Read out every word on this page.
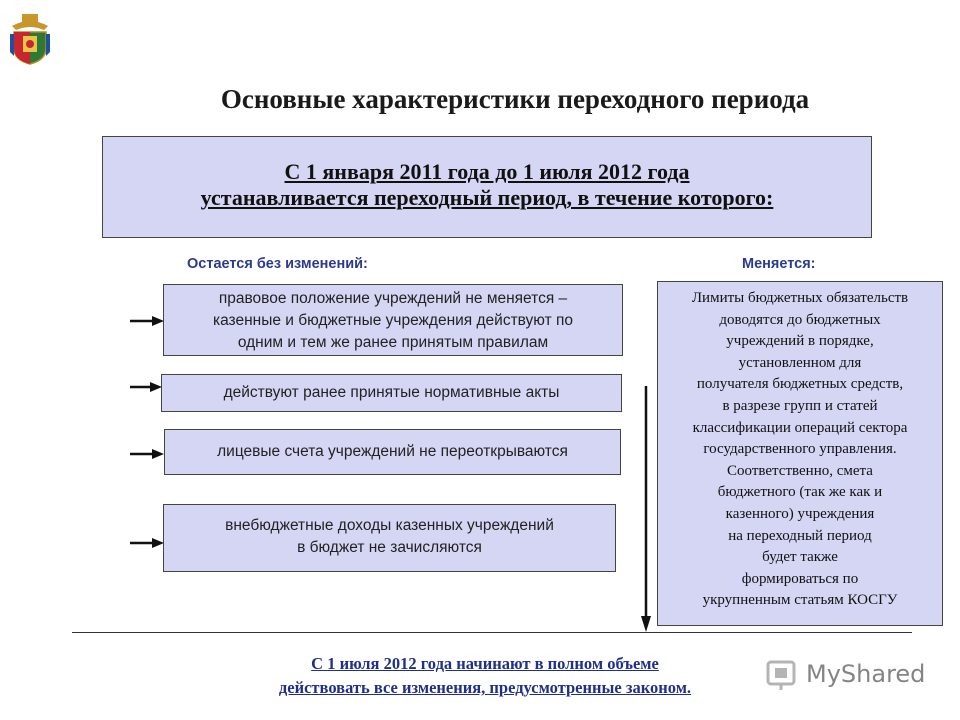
Основные характеристики переходного периода
С 1 января 2011 года до 1 июля 2012 года
устанавливается переходный период, в течение которого:
Остается без изменений:	Меняется:
правовое положение учреждений не меняется –
казенные и бюджетные учреждения действуют по
одним и тем же ранее принятым правилам
действуют ранее принятые нормативные акты
лицевые счета учреждений не переоткрываются
внебюджетные доходы казенных учреждений
в бюджет не зачисляются
Лимиты бюджетных обязательств
доводятся до бюджетных
учреждений в порядке,
установленном для
получателя бюджетных средств,
в разрезе групп и статей
классификации операций сектора
государственного управления.
Соответственно, смета
бюджетного (так же как и
казенного) учреждения
на переходный период
будет также
формироваться по
укрупненным статьям КОСГУ
С 1 июля 2012 года начинают в полном объеме
действовать все изменения, предусмотренные законом.	MyShared
